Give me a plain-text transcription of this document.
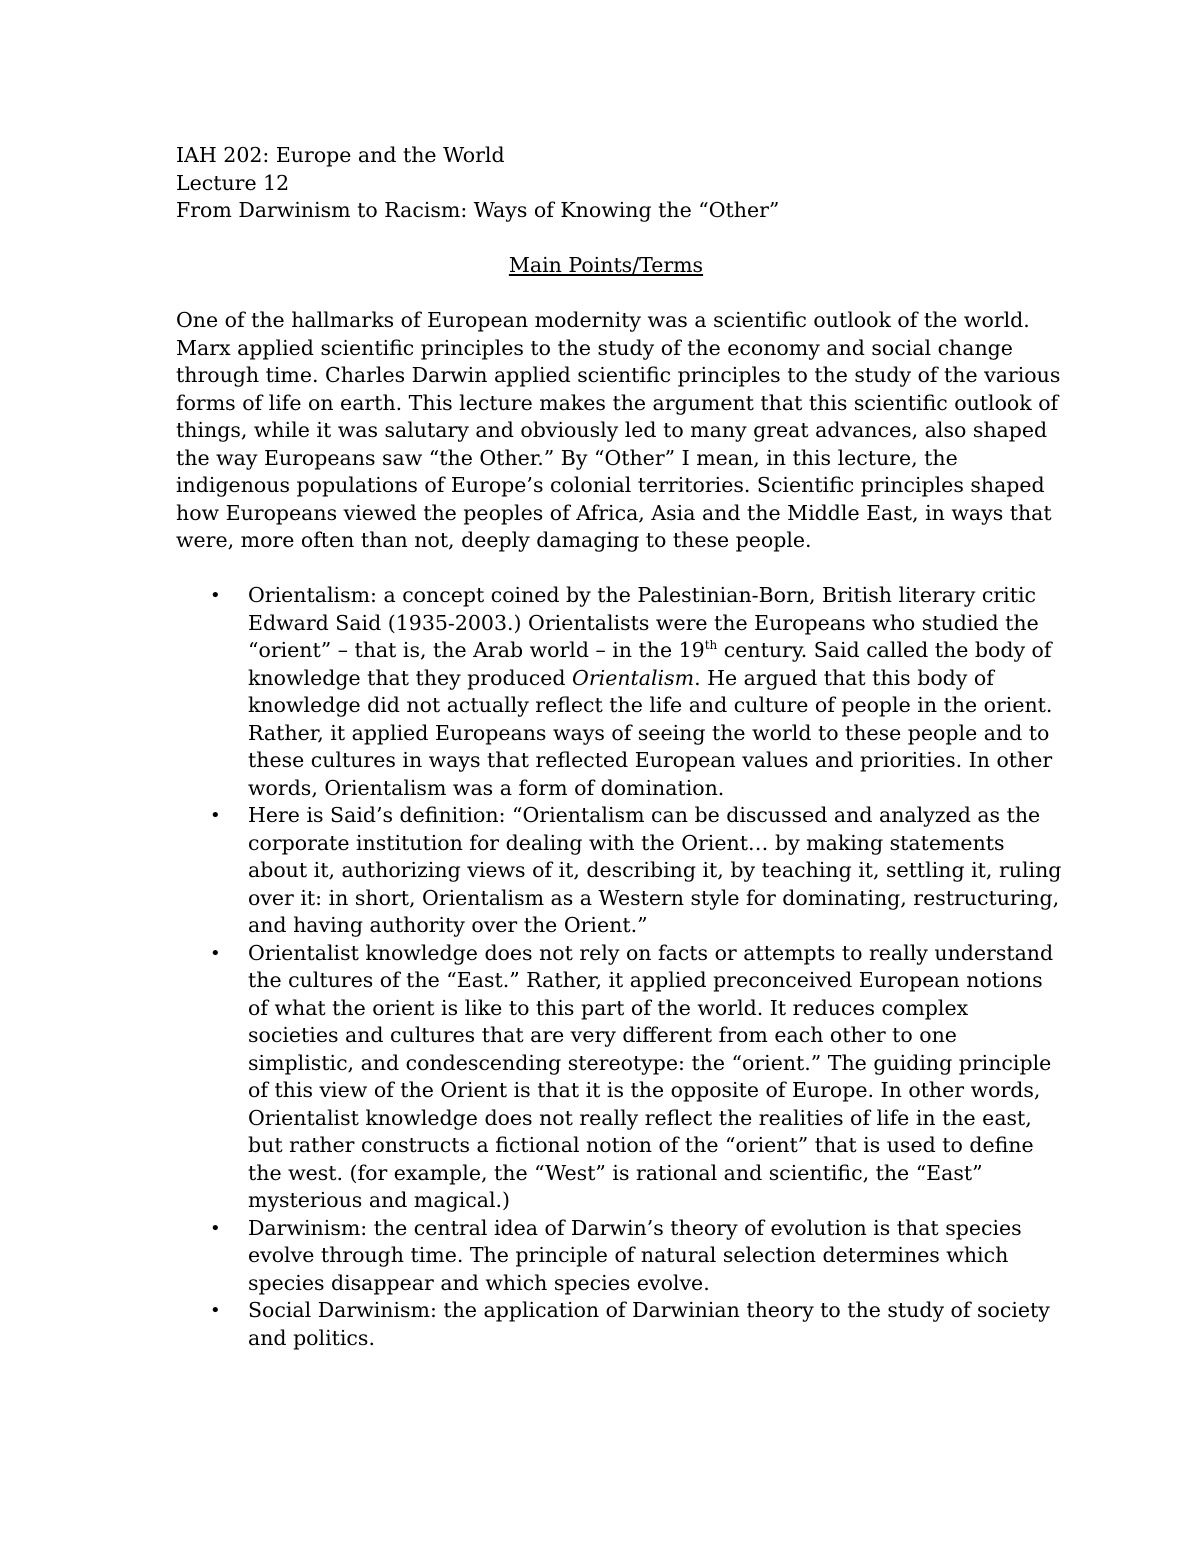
IAH 202: Europe and the World
Lecture 12
From Darwinism to Racism: Ways of Knowing the “Other”
Main Points/Terms
One of the hallmarks of European modernity was a scientific outlook of the world.
Marx applied scientific principles to the study of the economy and social change
through time. Charles Darwin applied scientific principles to the study of the various
forms of life on earth. This lecture makes the argument that this scientific outlook of
things, while it was salutary and obviously led to many great advances, also shaped
the way Europeans saw “the Other.” By “Other” I mean, in this lecture, the
indigenous populations of Europe’s colonial territories. Scientific principles shaped
how Europeans viewed the peoples of Africa, Asia and the Middle East, in ways that
were, more often than not, deeply damaging to these people.
• Orientalism: a concept coined by the Palestinian-Born, British literary critic
Edward Said (1935-2003.) Orientalists were the Europeans who studied the
“orient” – that is, the Arab world – in the 19th century. Said called the body of
knowledge that they produced Orientalism. He argued that this body of
knowledge did not actually reflect the life and culture of people in the orient.
Rather, it applied Europeans ways of seeing the world to these people and to
these cultures in ways that reflected European values and priorities. In other
words, Orientalism was a form of domination.
• Here is Said’s definition: “Orientalism can be discussed and analyzed as the
corporate institution for dealing with the Orient… by making statements
about it, authorizing views of it, describing it, by teaching it, settling it, ruling
over it: in short, Orientalism as a Western style for dominating, restructuring,
and having authority over the Orient.”
• Orientalist knowledge does not rely on facts or attempts to really understand
the cultures of the “East.” Rather, it applied preconceived European notions
of what the orient is like to this part of the world. It reduces complex
societies and cultures that are very different from each other to one
simplistic, and condescending stereotype: the “orient.” The guiding principle
of this view of the Orient is that it is the opposite of Europe. In other words,
Orientalist knowledge does not really reflect the realities of life in the east,
but rather constructs a fictional notion of the “orient” that is used to define
the west. (for example, the “West” is rational and scientific, the “East”
mysterious and magical.)
• Darwinism: the central idea of Darwin’s theory of evolution is that species
evolve through time. The principle of natural selection determines which
species disappear and which species evolve.
• Social Darwinism: the application of Darwinian theory to the study of society
and politics.
